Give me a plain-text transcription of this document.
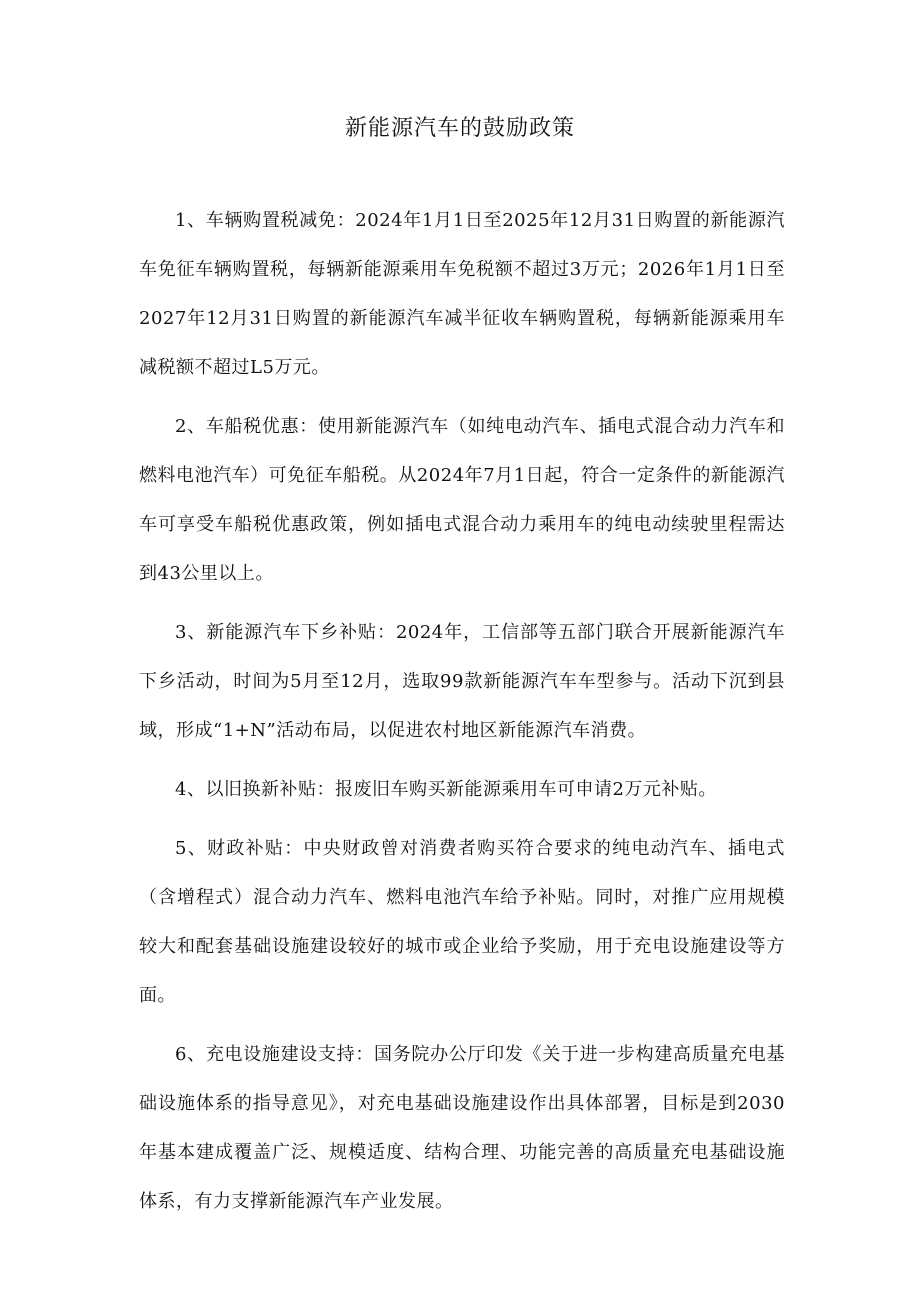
新能源汽车的鼓励政策

1、车辆购置税减免：2024年1月1日至2025年12月31日购置的新能源汽车免征车辆购置税，每辆新能源乘用车免税额不超过3万元；2026年1月1日至2027年12月31日购置的新能源汽车减半征收车辆购置税，每辆新能源乘用车减税额不超过L5万元。

2、车船税优惠：使用新能源汽车（如纯电动汽车、插电式混合动力汽车和燃料电池汽车）可免征车船税。从2024年7月1日起，符合一定条件的新能源汽车可享受车船税优惠政策，例如插电式混合动力乘用车的纯电动续驶里程需达到43公里以上。

3、新能源汽车下乡补贴：2024年，工信部等五部门联合开展新能源汽车下乡活动，时间为5月至12月，选取99款新能源汽车车型参与。活动下沉到县域，形成“1+N”活动布局，以促进农村地区新能源汽车消费。

4、以旧换新补贴：报废旧车购买新能源乘用车可申请2万元补贴。

5、财政补贴：中央财政曾对消费者购买符合要求的纯电动汽车、插电式（含增程式）混合动力汽车、燃料电池汽车给予补贴。同时，对推广应用规模较大和配套基础设施建设较好的城市或企业给予奖励，用于充电设施建设等方面。

6、充电设施建设支持：国务院办公厅印发《关于进一步构建高质量充电基础设施体系的指导意见》，对充电基础设施建设作出具体部署，目标是到2030年基本建成覆盖广泛、规模适度、结构合理、功能完善的高质量充电基础设施体系，有力支撑新能源汽车产业发展。
